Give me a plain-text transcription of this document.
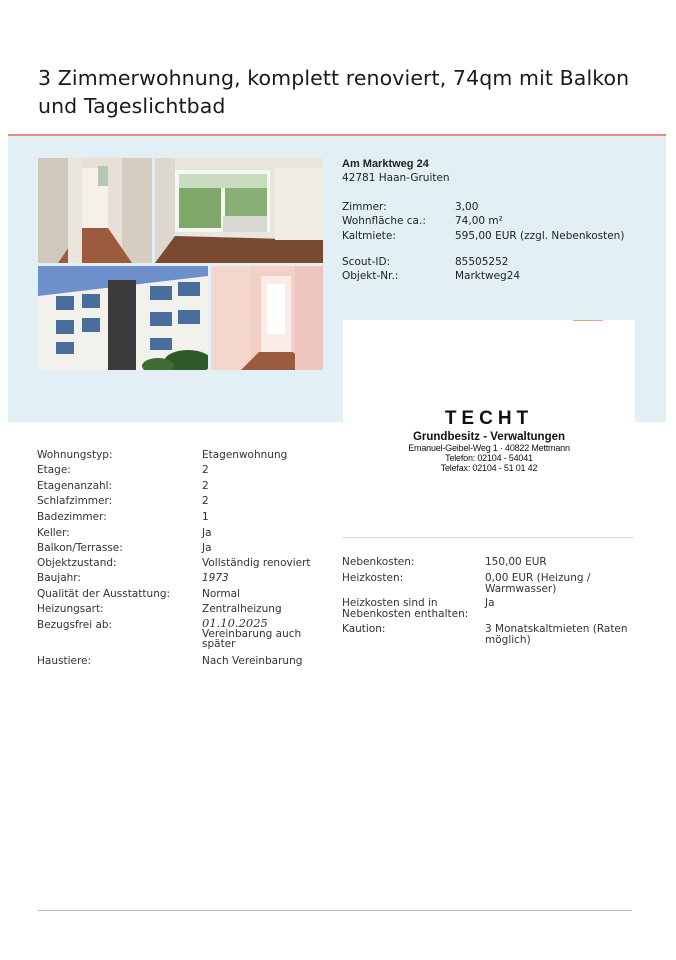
3 Zimmerwohnung, komplett renoviert, 74qm mit Balkon und Tageslichtbad
Am Marktweg 24
42781 Haan-Gruiten
Zimmer:	3,00
Wohnfläche ca.:	74,00 m²
Kaltmiete:	595,00 EUR (zzgl. Nebenkosten)
Scout-ID:	85505252
Objekt-Nr.:	Marktweg24
TECHT
Grundbesitz - Verwaltungen
Emanuel-Geibel-Weg 1 · 40822 Mettmann
Telefon: 02104 - 54041
Telefax: 02104 - 51 01 42
Wohnungstyp:	Etagenwohnung
Etage:	2
Etagenanzahl:	2
Schlafzimmer:	2
Badezimmer:	1
Keller:	Ja
Balkon/Terrasse:	Ja
Objektzustand:	Vollständig renoviert
Baujahr:	1973
Qualität der Ausstattung:	Normal
Heizungsart:	Zentralheizung
Bezugsfrei ab:	01.10.2025
Vereinbarung auch später
Haustiere:	Nach Vereinbarung
Nebenkosten:	150,00 EUR
Heizkosten:	0,00 EUR (Heizung / Warmwasser)
Heizkosten sind in Nebenkosten enthalten:
Ja
Kaution:	3 Monatskaltmieten (Raten möglich)
